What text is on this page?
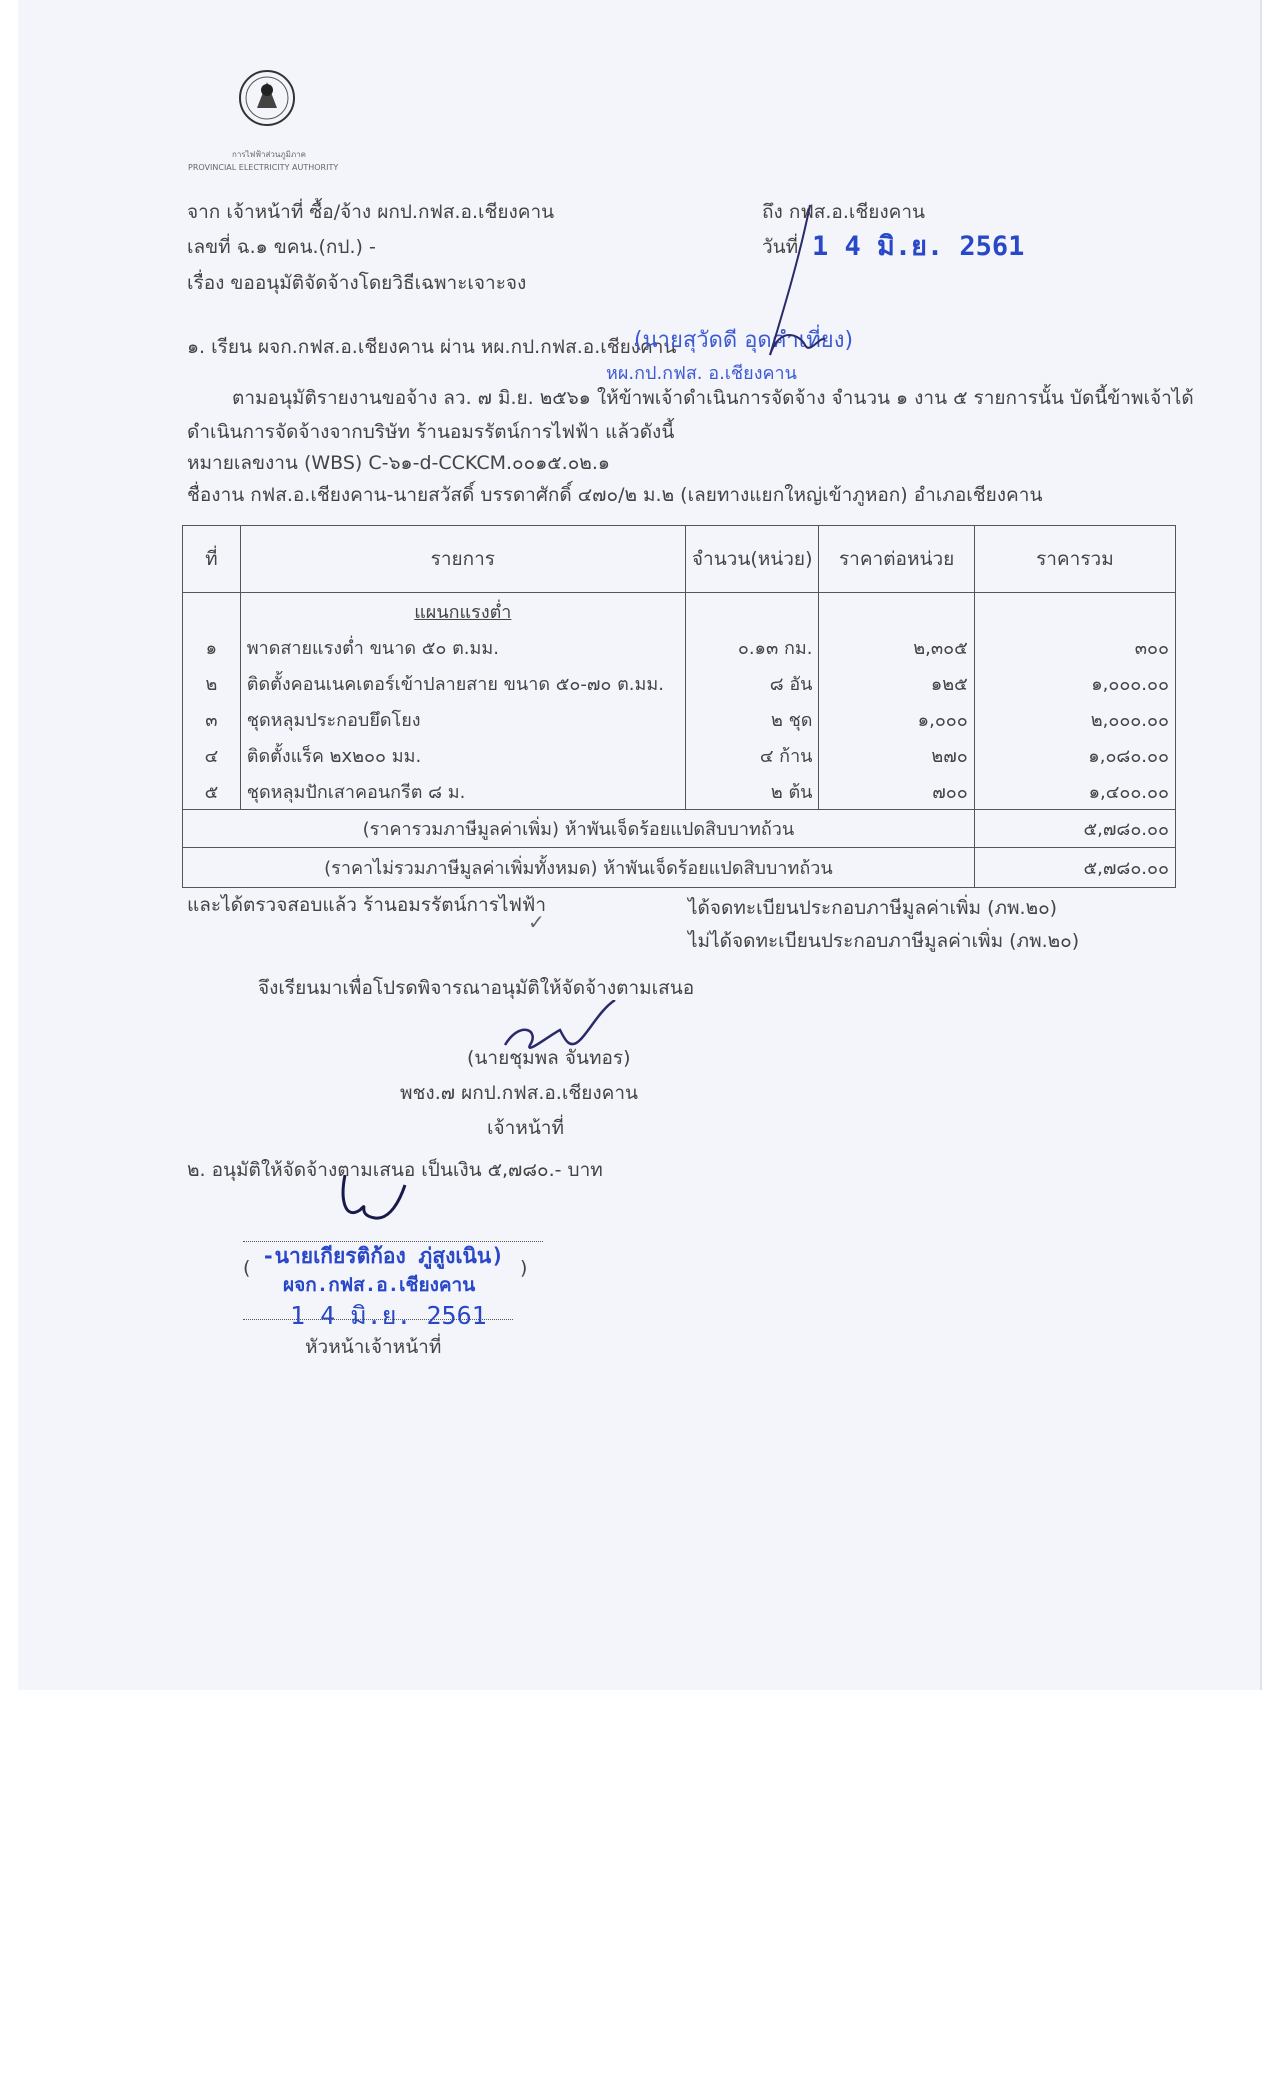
การไฟฟ้าส่วนภูมิภาค
PROVINCIAL ELECTRICITY AUTHORITY
จาก เจ้าหน้าที่ ซื้อ/จ้าง ผกป.กฟส.อ.เชียงคาน
เลขที่ ฉ.๑ ขคน.(กป.) -
เรื่อง ขออนุมัติจัดจ้างโดยวิธีเฉพาะเจาะจง
ถึง กฟส.อ.เชียงคาน
วันที่ 1 4 มิ.ย. 2561
๑. เรียน ผจก.กฟส.อ.เชียงคาน ผ่าน หผ.กป.กฟส.อ.เชียงคาน
(นายสุวัดดี อุดคำเที่ยง)
หผ.กป.กฟส. อ.เชียงคาน
ตามอนุมัติรายงานขอจ้าง ลว. ๗ มิ.ย. ๒๕๖๑ ให้ข้าพเจ้าดำเนินการจัดจ้าง จำนวน ๑ งาน ๕ รายการนั้น บัดนี้ข้าพเจ้าได้
ดำเนินการจัดจ้างจากบริษัท ร้านอมรรัตน์การไฟฟ้า แล้วดังนี้
หมายเลขงาน (WBS) C-๖๑-d-CCKCM.๐๐๑๕.๐๒.๑
ชื่องาน กฟส.อ.เชียงคาน-นายสวัสดิ์ บรรดาศักดิ์ ๔๗๐/๒ ม.๒ (เลยทางแยกใหญ่เข้าภูหอก) อำเภอเชียงคาน
ที่	รายการ	จำนวน(หน่วย)	ราคาต่อหน่วย	ราคารวม
	แผนกแรงต่ำ			
๑	พาดสายแรงต่ำ ขนาด ๕๐ ต.มม.	๐.๑๓ กม.	๒,๓๐๕	๓๐๐
๒	ติดตั้งคอนเนคเตอร์เข้าปลายสาย ขนาด ๕๐-๗๐ ต.มม.	๘ อัน	๑๒๕	๑,๐๐๐.๐๐
๓	ชุดหลุมประกอบยึดโยง	๒ ชุด	๑,๐๐๐	๒,๐๐๐.๐๐
๔	ติดตั้งแร็ค ๒x๒๐๐ มม.	๔ ก้าน	๒๗๐	๑,๐๘๐.๐๐
๕	ชุดหลุมปักเสาคอนกรีต ๘ ม.	๒ ต้น	๗๐๐	๑,๔๐๐.๐๐
(ราคารวมภาษีมูลค่าเพิ่ม) ห้าพันเจ็ดร้อยแปดสิบบาทถ้วน				๕,๗๘๐.๐๐
(ราคาไม่รวมภาษีมูลค่าเพิ่มทั้งหมด) ห้าพันเจ็ดร้อยแปดสิบบาทถ้วน				๕,๗๘๐.๐๐
และได้ตรวจสอบแล้ว ร้านอมรรัตน์การไฟฟ้า	ได้จดทะเบียนประกอบภาษีมูลค่าเพิ่ม (ภพ.๒๐)
ไม่ได้จดทะเบียนประกอบภาษีมูลค่าเพิ่ม (ภพ.๒๐)
✓
จึงเรียนมาเพื่อโปรดพิจารณาอนุมัติให้จัดจ้างตามเสนอ
(นายชุมพล จันทอร)
พชง.๗ ผกป.กฟส.อ.เชียงคาน
เจ้าหน้าที่
๒. อนุมัติให้จัดจ้างตามเสนอ เป็นเงิน ๕,๗๘๐.- บาท
-นายเกียรติก้อง ภู่สูงเนิน)
(	)
ผจก.กฟส.อ.เชียงคาน
1 4 มิ.ย. 2561
หัวหน้าเจ้าหน้าที่
